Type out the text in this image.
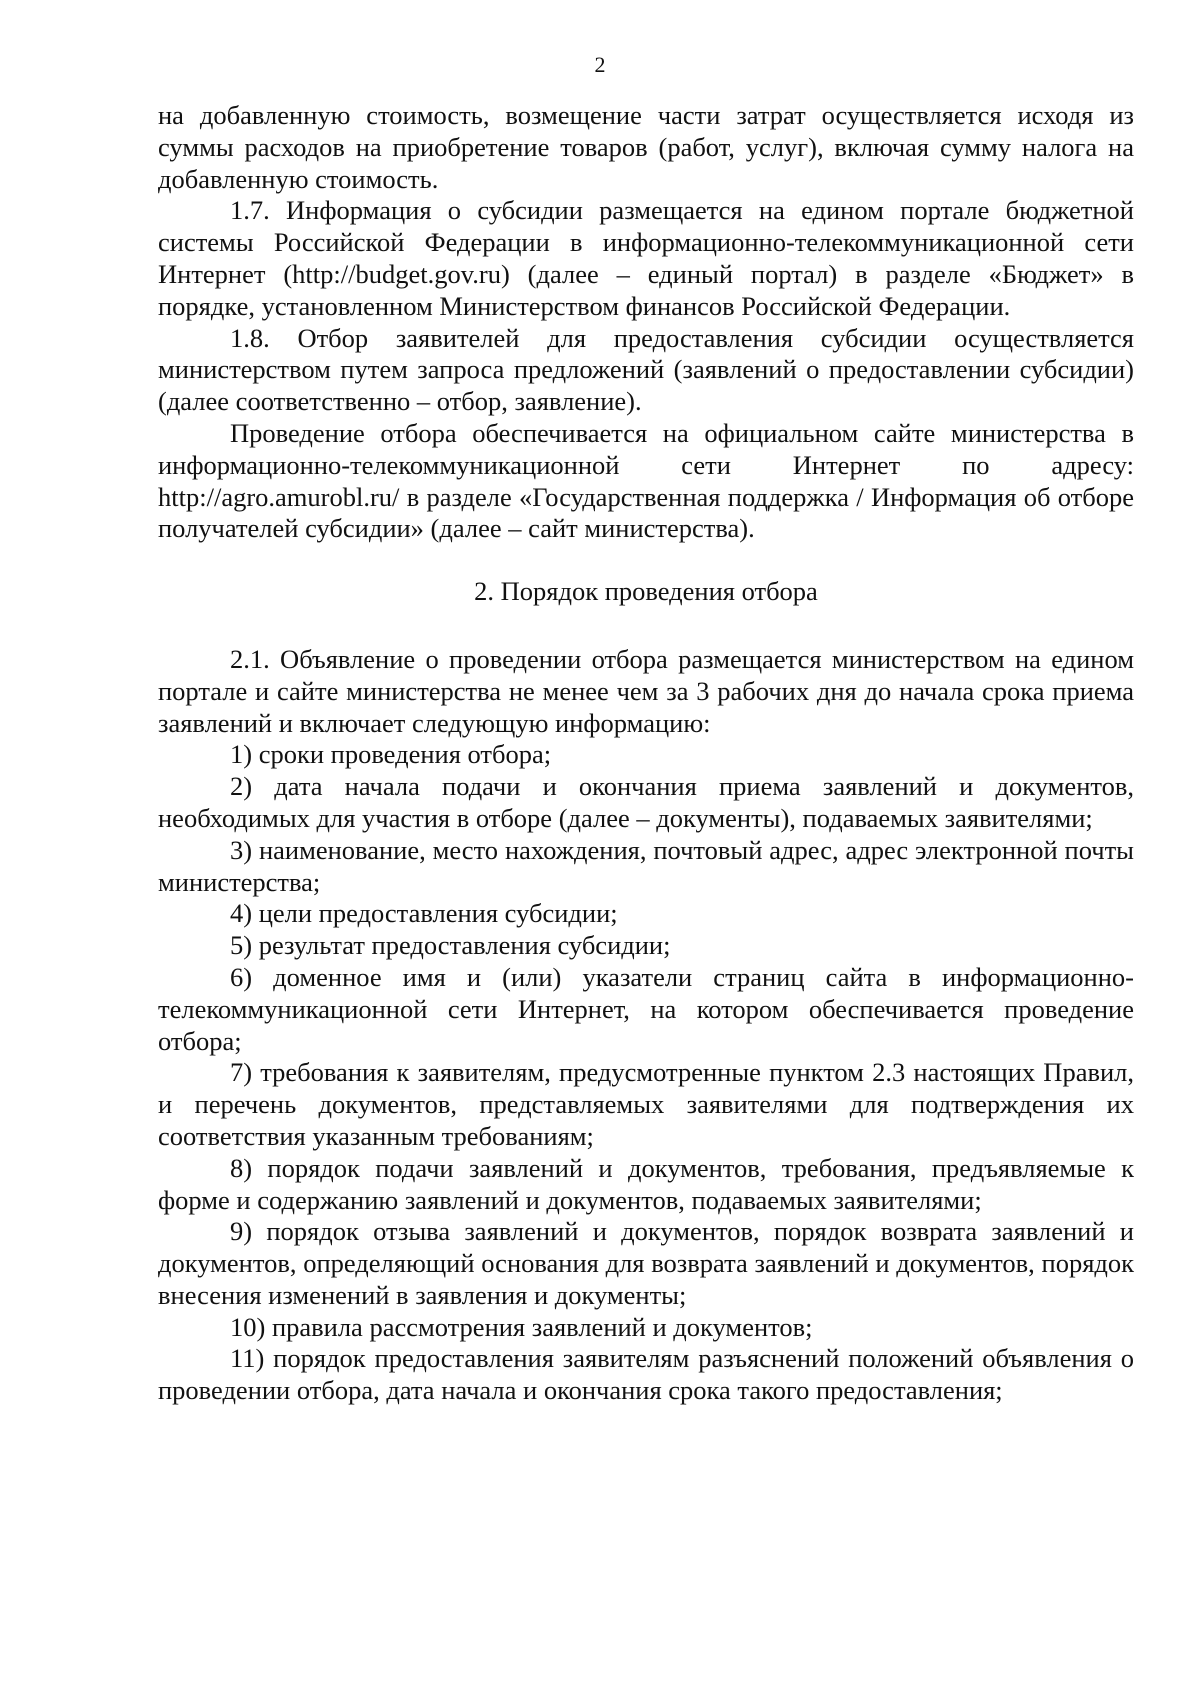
2

на добавленную стоимость, возмещение части затрат осуществляется исходя из суммы расходов на приобретение товаров (работ, услуг), включая сумму налога на добавленную стоимость.

1.7. Информация о субсидии размещается на едином портале бюджетной системы Российской Федерации в информационно-телекоммуникационной сети Интернет (http://budget.gov.ru) (далее – единый портал) в разделе «Бюджет» в порядке, установленном Министерством финансов Российской Федерации.

1.8. Отбор заявителей для предоставления субсидии осуществляется министерством путем запроса предложений (заявлений о предоставлении субсидии) (далее соответственно – отбор, заявление).

Проведение отбора обеспечивается на официальном сайте министерства в информационно-телекоммуникационной сети Интернет по адресу: http://agro.amurobl.ru/ в разделе «Государственная поддержка / Информация об отборе получателей субсидии» (далее – сайт министерства).

2. Порядок проведения отбора

2.1. Объявление о проведении отбора размещается министерством на едином портале и сайте министерства не менее чем за 3 рабочих дня до начала срока приема заявлений и включает следующую информацию:

1) сроки проведения отбора;

2) дата начала подачи и окончания приема заявлений и документов, необходимых для участия в отборе (далее – документы), подаваемых заявителями;

3) наименование, место нахождения, почтовый адрес, адрес электронной почты министерства;

4) цели предоставления субсидии;

5) результат предоставления субсидии;

6) доменное имя и (или) указатели страниц сайта в информационно-телекоммуникационной сети Интернет, на котором обеспечивается проведение отбора;

7) требования к заявителям, предусмотренные пунктом 2.3 настоящих Правил, и перечень документов, представляемых заявителями для подтверждения их соответствия указанным требованиям;

8) порядок подачи заявлений и документов, требования, предъявляемые к форме и содержанию заявлений и документов, подаваемых заявителями;

9) порядок отзыва заявлений и документов, порядок возврата заявлений и документов, определяющий основания для возврата заявлений и документов, порядок внесения изменений в заявления и документы;

10) правила рассмотрения заявлений и документов;

11) порядок предоставления заявителям разъяснений положений объявления о проведении отбора, дата начала и окончания срока такого предоставления;
